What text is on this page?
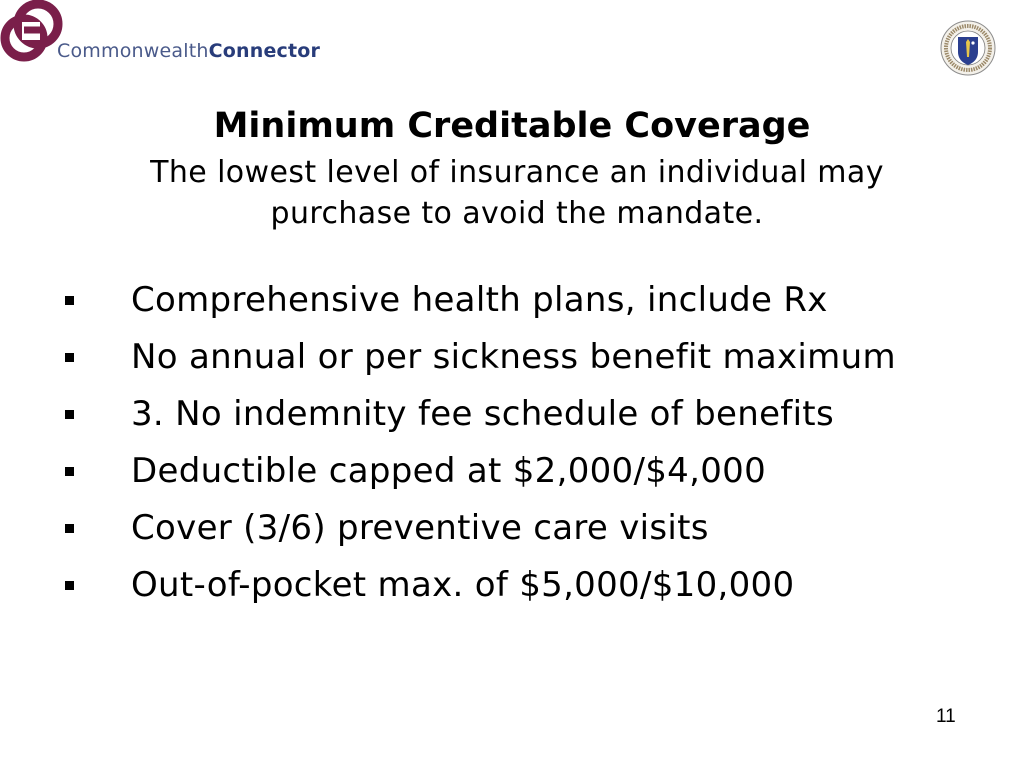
CommonwealthConnector
Minimum Creditable Coverage
The lowest level of insurance an individual may purchase to avoid the mandate.
Comprehensive health plans, include Rx
No annual or per sickness benefit maximum
3. No indemnity fee schedule of benefits
Deductible capped at $2,000/$4,000
Cover (3/6) preventive care visits
Out-of-pocket max. of $5,000/$10,000
11
